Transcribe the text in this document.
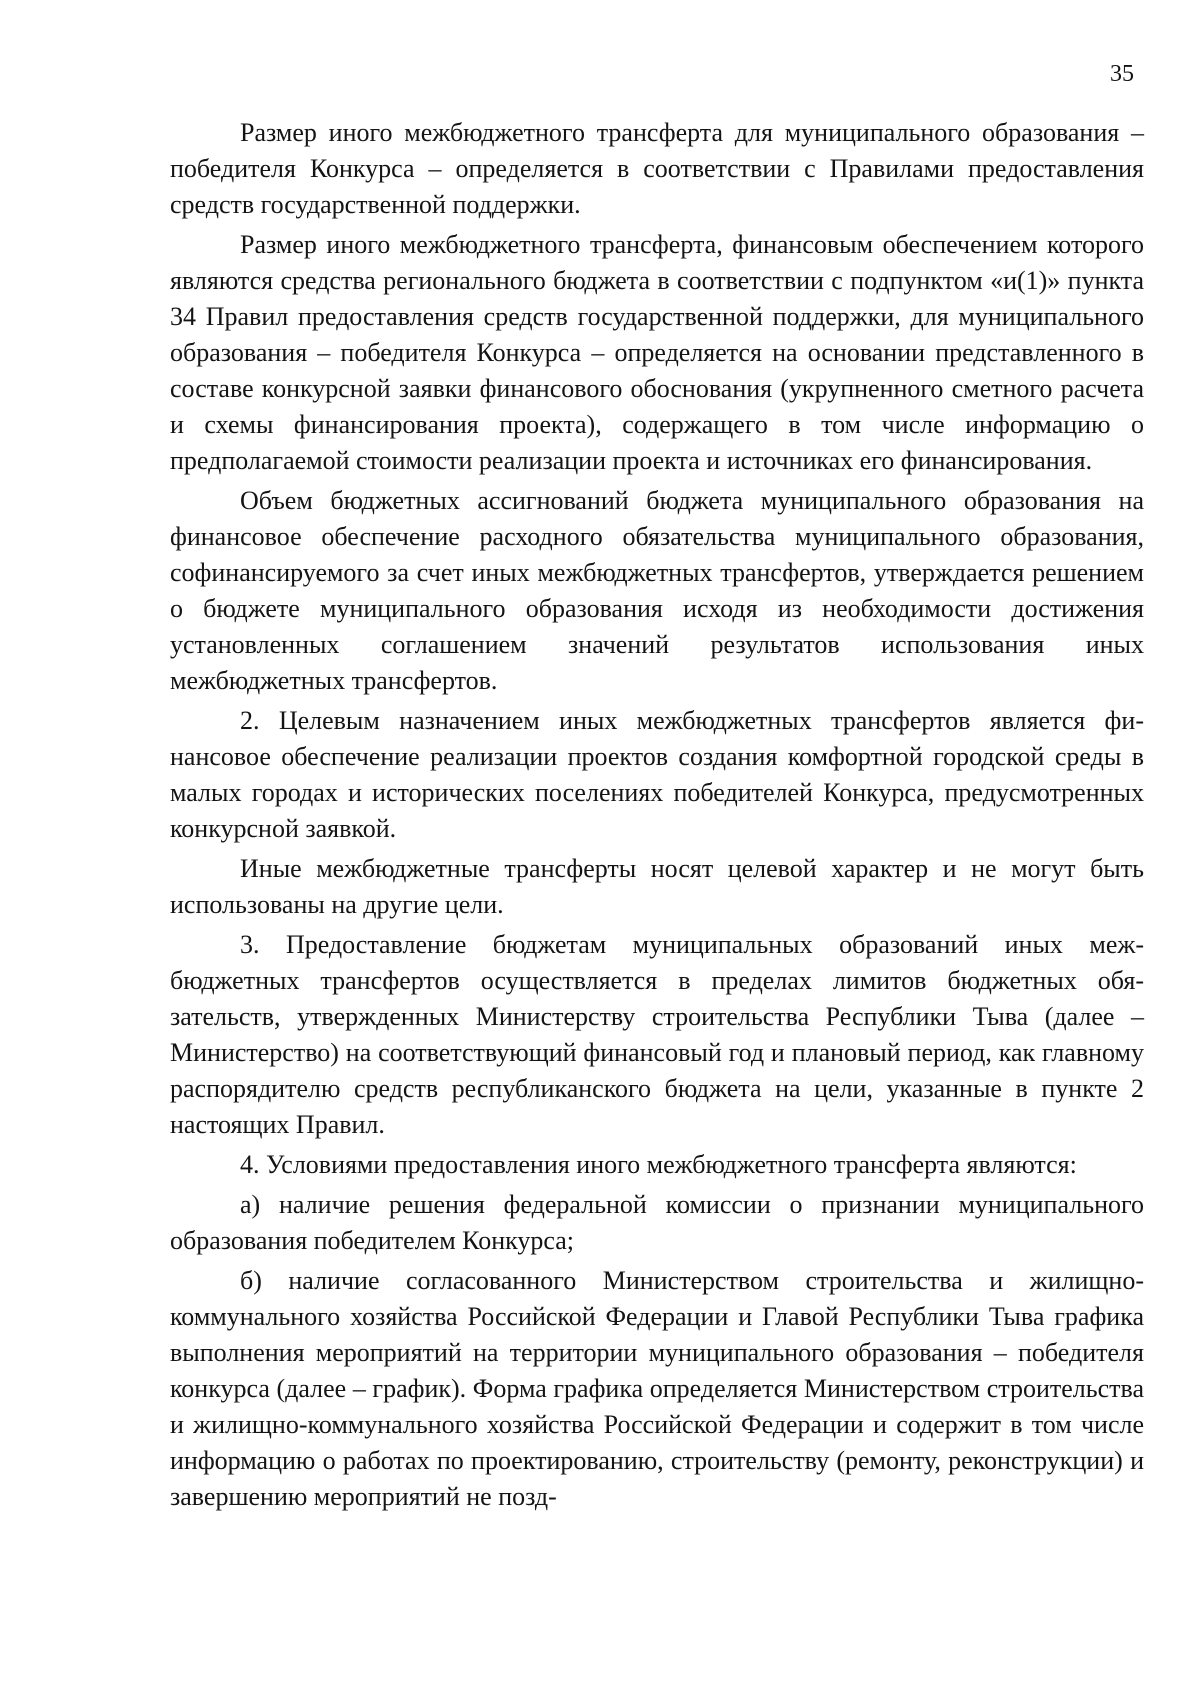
35

Размер иного межбюджетного трансферта для муниципального образования – победителя Конкурса – определяется в соответствии с Правилами предоставления средств государственной поддержки.

Размер иного межбюджетного трансферта, финансовым обеспечением которого являются средства регионального бюджета в соответствии с подпунктом «и(1)» пункта 34 Правил предоставления средств государственной поддержки, для муниципального образования – победителя Конкурса – определяется на основании представленного в составе конкурсной заявки финансового обоснования (укрупненного сметного расчета и схемы финансирования проекта), содержащего в том числе информацию о предполагаемой стоимости реализации проекта и источниках его финансирования.

Объем бюджетных ассигнований бюджета муниципального образования на финансовое обеспечение расходного обязательства муниципального образования, софинансируемого за счет иных межбюджетных трансфертов, утверждается решением о бюджете муниципального образования исходя из необходимости достижения установленных соглашением значений результатов использования иных межбюджетных трансфертов.

2. Целевым назначением иных межбюджетных трансфертов является финансовое обеспечение реализации проектов создания комфортной городской среды в малых городах и исторических поселениях победителей Конкурса, предусмотренных конкурсной заявкой.

Иные межбюджетные трансферты носят целевой характер и не могут быть использованы на другие цели.

3. Предоставление бюджетам муниципальных образований иных межбюджетных трансфертов осуществляется в пределах лимитов бюджетных обязательств, утвержденных Министерству строительства Республики Тыва (далее – Министерство) на соответствующий финансовый год и плановый период, как главному распорядителю средств республиканского бюджета на цели, указанные в пункте 2 настоящих Правил.

4. Условиями предоставления иного межбюджетного трансферта являются:

а) наличие решения федеральной комиссии о признании муниципального образования победителем Конкурса;

б) наличие согласованного Министерством строительства и жилищно-коммунального хозяйства Российской Федерации и Главой Республики Тыва графика выполнения мероприятий на территории муниципального образования – победителя конкурса (далее – график). Форма графика определяется Министерством строительства и жилищно-коммунального хозяйства Российской Федерации и содержит в том числе информацию о работах по проектированию, строительству (ремонту, реконструкции) и завершению мероприятий не позд-
